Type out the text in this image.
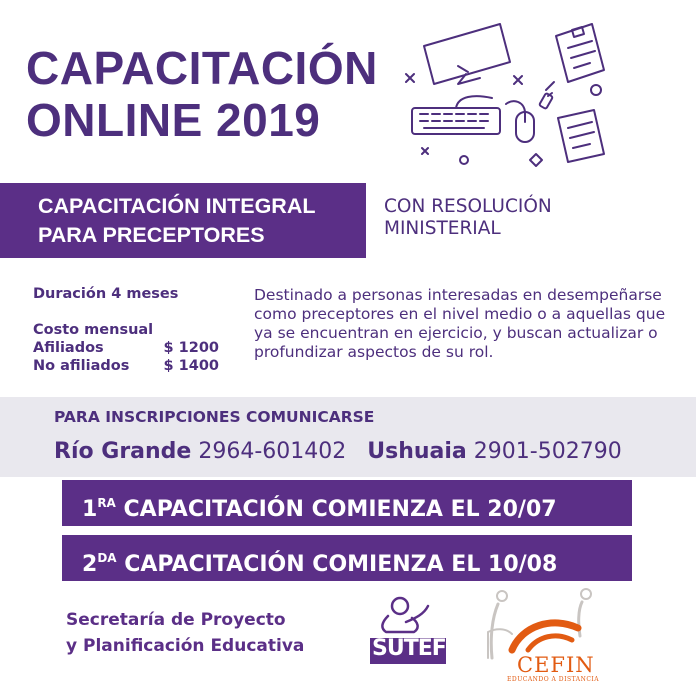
CAPACITACIÓN
ONLINE 2019
CAPACITACIÓN INTEGRAL
PARA PRECEPTORES
CON RESOLUCIÓN
MINISTERIAL
Duración 4 meses
Costo mensual
Afiliados	$ 1200
No afiliados $ 1400
Destinado a personas interesadas en desempeñarse como preceptores en el nivel medio o a aquellas que ya se encuentran en ejercicio, y buscan actualizar o profundizar aspectos de su rol.
PARA INSCRIPCIONES COMUNICARSE
Río Grande 2964-601402 Ushuaia 2901-502790
$1^{RA}$ CAPACITACIÓN COMIENZA EL 20/07
$2^{DA}$ CAPACITACIÓN COMIENZA EL 10/08
Secretaría de Proyecto
y Planificación Educativa	SUTEF
CEFIN
EDUCANDO A DISTANCIA
